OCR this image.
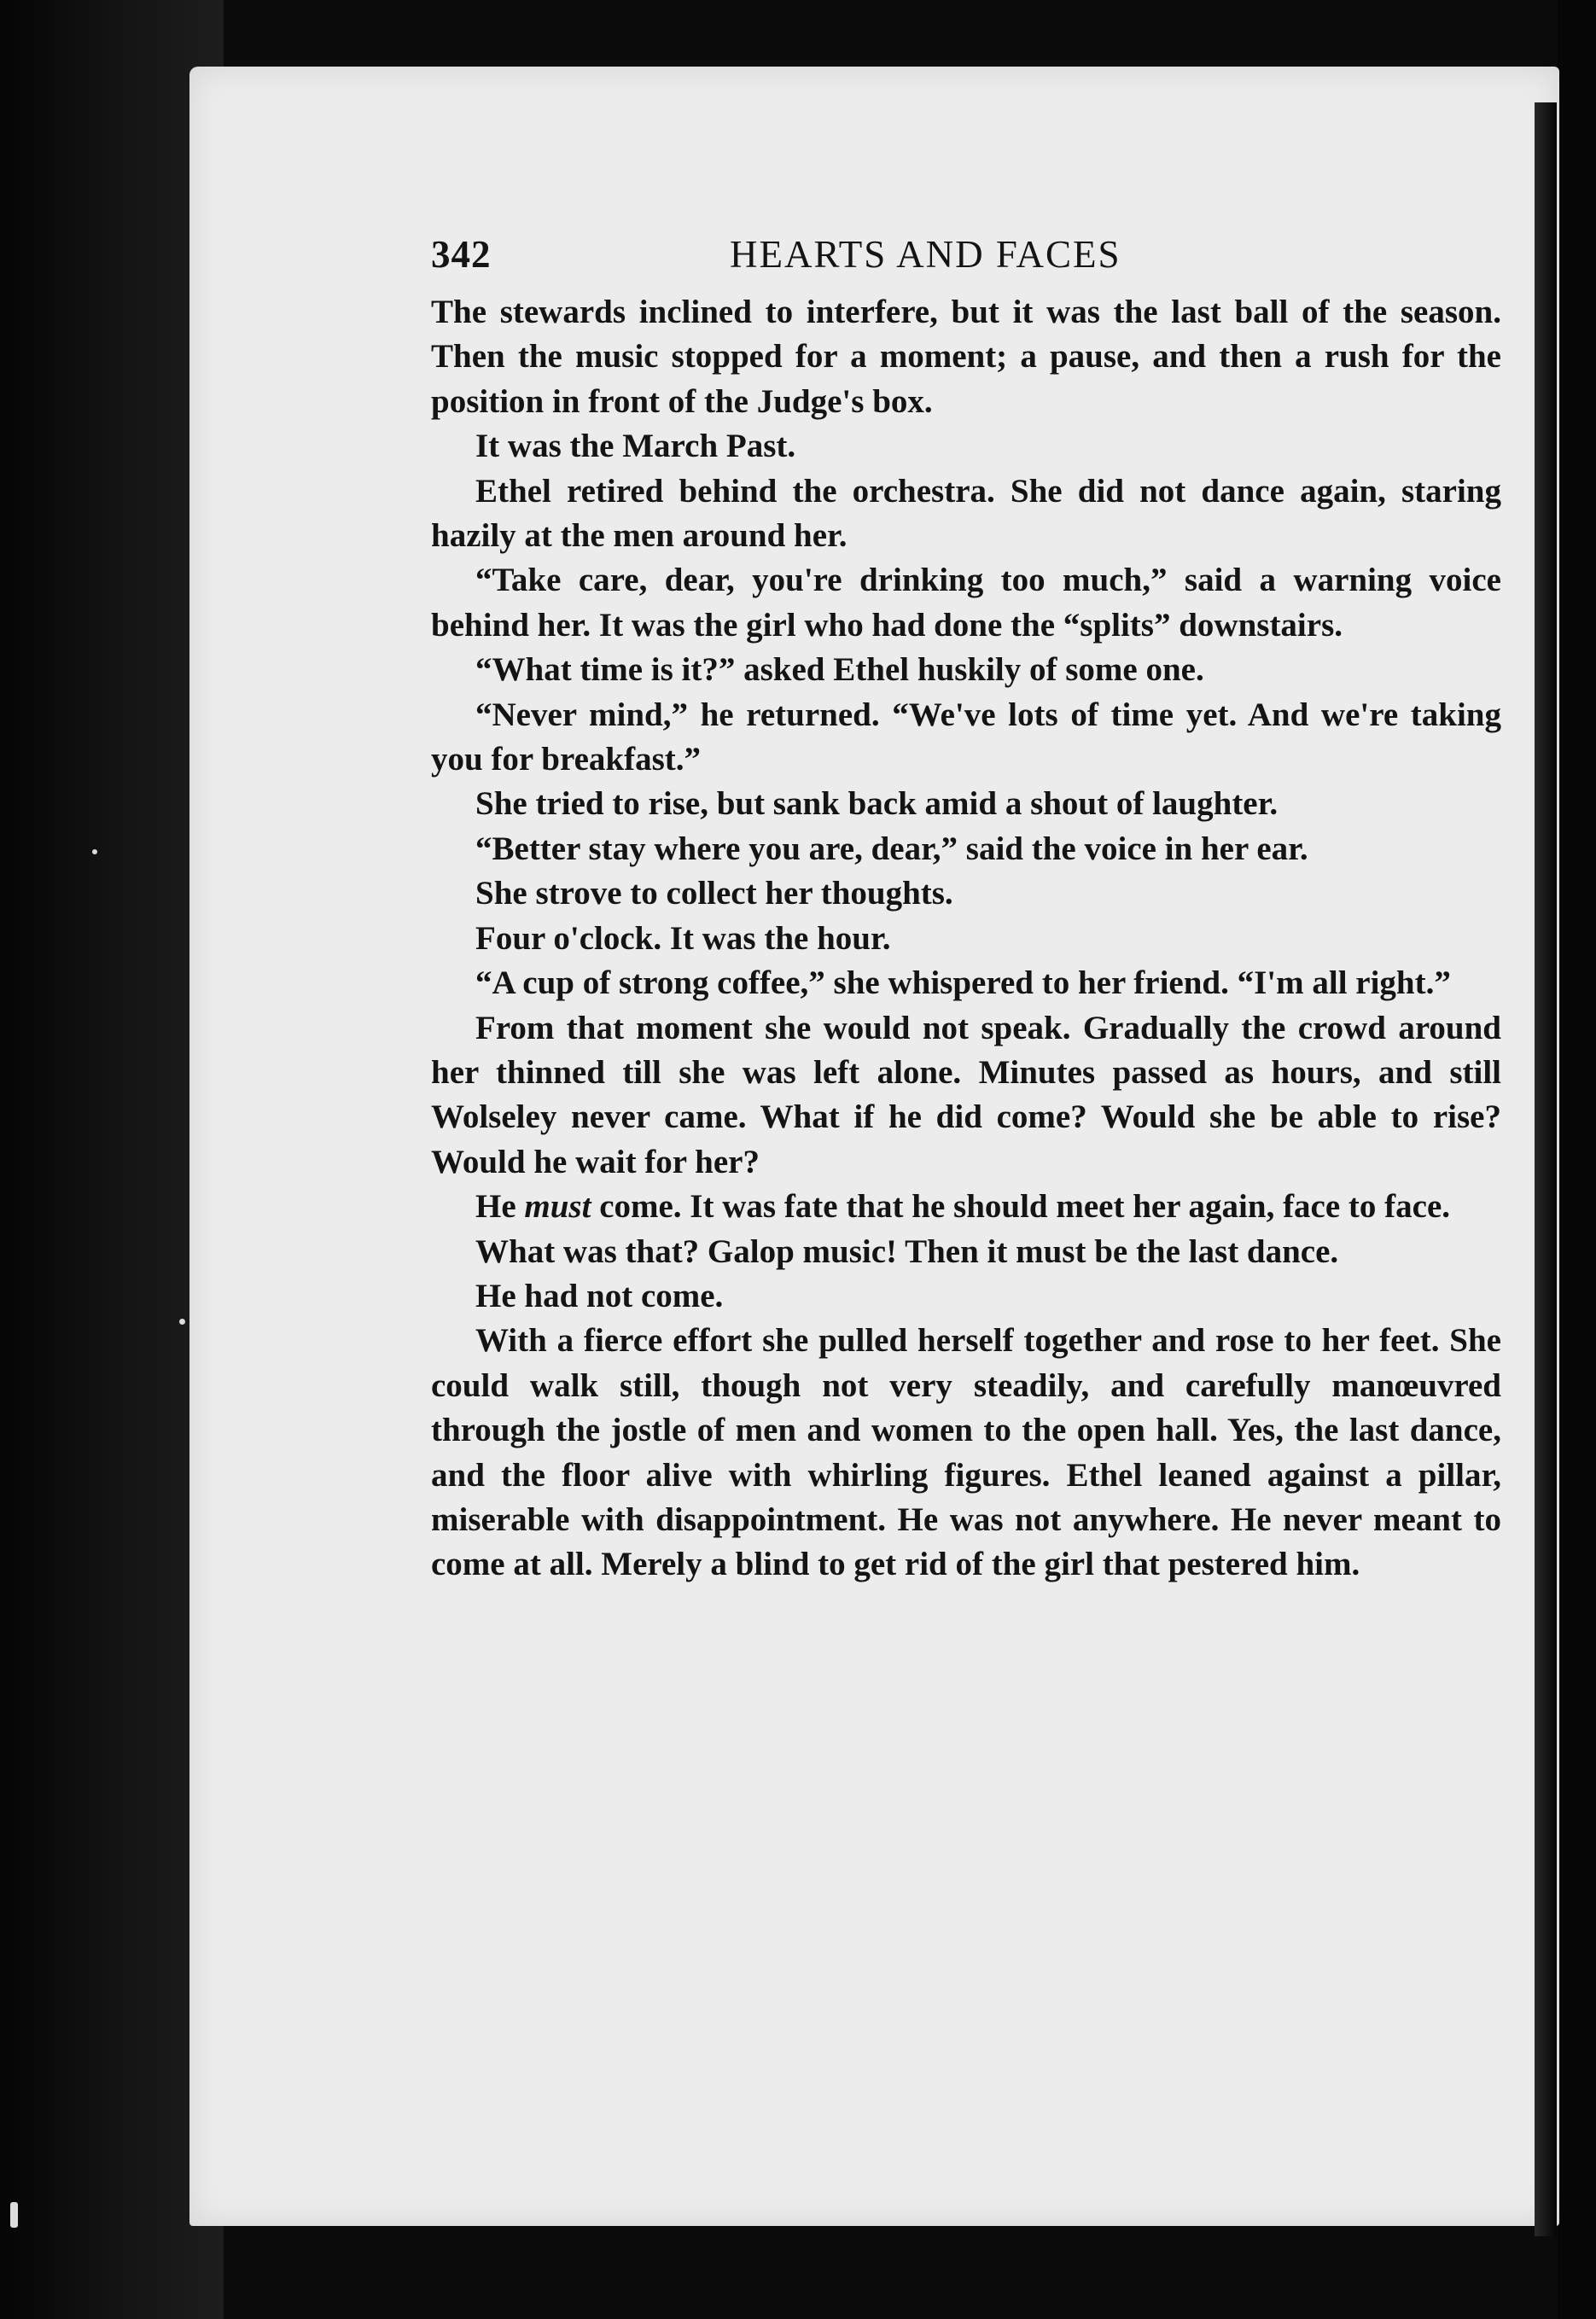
342	HEARTS AND FACES

The stewards inclined to interfere, but it was the last ball of the season. Then the music stopped for a moment; a pause, and then a rush for the position in front of the Judge's box.

It was the March Past.

Ethel retired behind the orchestra. She did not dance again, staring hazily at the men around her.

“Take care, dear, you're drinking too much,” said a warning voice behind her. It was the girl who had done the “splits” downstairs.

“What time is it?” asked Ethel huskily of some one.

“Never mind,” he returned. “We've lots of time yet. And we're taking you for breakfast.”

She tried to rise, but sank back amid a shout of laughter.

“Better stay where you are, dear,” said the voice in her ear.

She strove to collect her thoughts.

Four o'clock. It was the hour.

“A cup of strong coffee,” she whispered to her friend. “I'm all right.”

From that moment she would not speak. Gradually the crowd around her thinned till she was left alone. Minutes passed as hours, and still Wolseley never came. What if he did come? Would she be able to rise? Would he wait for her?

He must come. It was fate that he should meet her again, face to face.

What was that? Galop music! Then it must be the last dance.

He had not come.

With a fierce effort she pulled herself together and rose to her feet. She could walk still, though not very steadily, and carefully manœuvred through the jostle of men and women to the open hall. Yes, the last dance, and the floor alive with whirling figures. Ethel leaned against a pillar, miserable with disappointment. He was not anywhere. He never meant to come at all. Merely a blind to get rid of the girl that pestered him.
